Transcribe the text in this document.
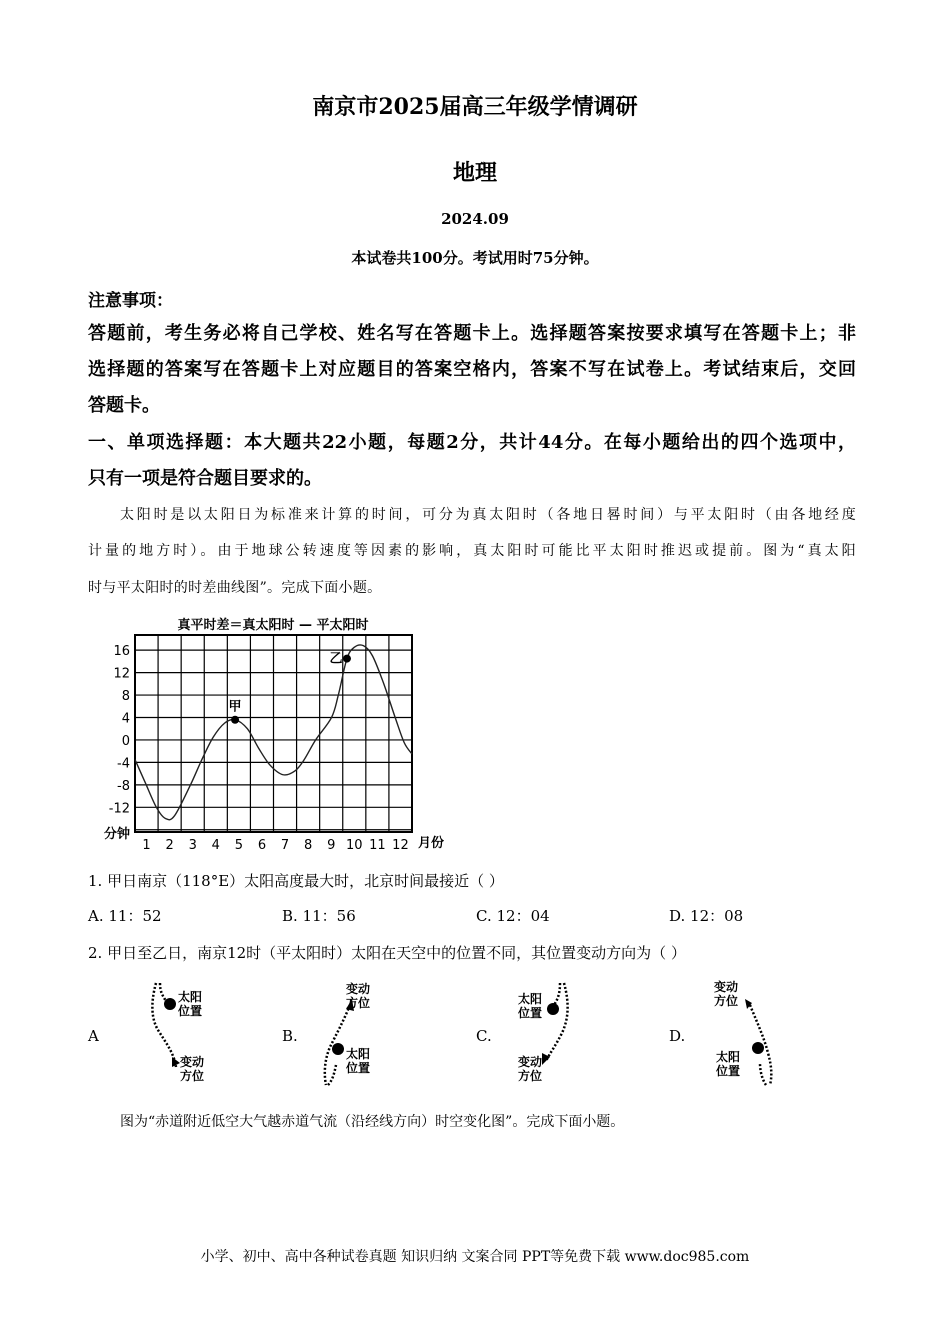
南京市2025届高三年级学情调研
地理
2024.09
本试卷共100分。考试用时75分钟。
注意事项：
答题前，考生务必将自己学校、姓名写在答题卡上。选择题答案按要求填写在答题卡上；非
选择题的答案写在答题卡上对应题目的答案空格内，答案不写在试卷上。考试结束后，交回
答题卡。
一、单项选择题：本大题共22小题，每题2分，共计44分。在每小题给出的四个选项中，
只有一项是符合题目要求的。
太阳时是以太阳日为标准来计算的时间，可分为真太阳时（各地日晷时间）与平太阳时（由各地经度
计量的地方时）。由于地球公转速度等因素的影响，真太阳时可能比平太阳时推迟或提前。图为“真太阳
时与平太阳时的时差曲线图”。完成下面小题。
真平时差＝真太阳时 — 平太阳时
1 2 3 4 5 6 7 8 9 10 11 12
16
12
8
4
0
-4
-8
-12
甲
乙
分钟
月份
1. 甲日南京（118°E）太阳高度最大时，北京时间最接近（ ）
A. 11：52	B. 11：56	C. 12：04	D. 12：08
2. 甲日至乙日，南京12时（平太阳时）太阳在天空中的位置不同，其位置变动方向为（ ）
A
太阳
位置
变动
方位
B.
变动
方位
太阳
位置
C.
太阳
位置
变动
方位
D.
变动
方位
太阳
位置
图为“赤道附近低空大气越赤道气流（沿经线方向）时空变化图”。完成下面小题。
小学、初中、高中各种试卷真题 知识归纳 文案合同 PPT等免费下载 www.doc985.com
